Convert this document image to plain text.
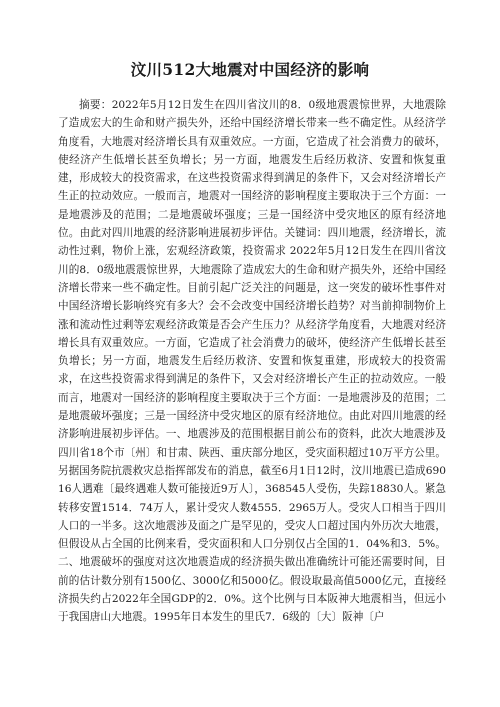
汶川512大地震对中国经济的影响

摘要：2022年5月12日发生在四川省汶川的8．0级地震震惊世界，大地震除了造成宏大的生命和财产损失外，还给中国经济增长带来一些不确定性。从经济学角度看，大地震对经济增长具有双重效应。一方面，它造成了社会消费力的破坏，使经济产生低增长甚至负增长；另一方面，地震发生后经历救济、安置和恢复重建，形成较大的投资需求，在这些投资需求得到满足的条件下，又会对经济增长产生正的拉动效应。一般而言，地震对一国经济的影响程度主要取决于三个方面：一是地震涉及的范围；二是地震破坏强度；三是一国经济中受灾地区的原有经济地位。由此对四川地震的经济影响进展初步评估。关键词：四川地震，经济增长，流动性过剩，物价上涨，宏观经济政策，投资需求 2022年5月12日发生在四川省汶川的8．0级地震震惊世界，大地震除了造成宏大的生命和财产损失外，还给中国经济增长带来一些不确定性。目前引起广泛关注的问题是，这一突发的破坏性事件对中国经济增长影响终究有多大？会不会改变中国经济增长趋势？对当前抑制物价上涨和流动性过剩等宏观经济政策是否会产生压力？从经济学角度看，大地震对经济增长具有双重效应。一方面，它造成了社会消费力的破坏，使经济产生低增长甚至负增长；另一方面，地震发生后经历救济、安置和恢复重建，形成较大的投资需求，在这些投资需求得到满足的条件下，又会对经济增长产生正的拉动效应。一般而言，地震对一国经济的影响程度主要取决于三个方面：一是地震涉及的范围；二是地震破坏强度；三是一国经济中受灾地区的原有经济地位。由此对四川地震的经济影响进展初步评估。一、地震涉及的范围根据目前公布的资料，此次大地震涉及四川省18个市〔州〕和甘肃、陕西、重庆部分地区，受灾面积超过10万平方公里。另据国务院抗震救灾总指挥部发布的消息，截至6月1日12时，汶川地震已造成69016人遇难〔最终遇难人数可能接近9万人〕，368545人受伤，失踪18830人。紧急转移安置1514．74万人，累计受灾人数4555．2965万人。受灾人口相当于四川人口的一半多。这次地震涉及面之广是罕见的，受灾人口超过国内外历次大地震，但假设从占全国的比例来看，受灾面积和人口分别仅占全国的1．04%和3．5%。二、地震破坏的强度对这次地震造成的经济损失做出准确统计可能还需要时间，目前的估计数分别有1500亿、3000亿和5000亿。假设取最高值5000亿元，直接经济损失约占2022年全国GDP的2．0%。这个比例与日本阪神大地震相当，但远小于我国唐山大地震。1995年日本发生的里氏7．6级的〔大〕阪神〔户
